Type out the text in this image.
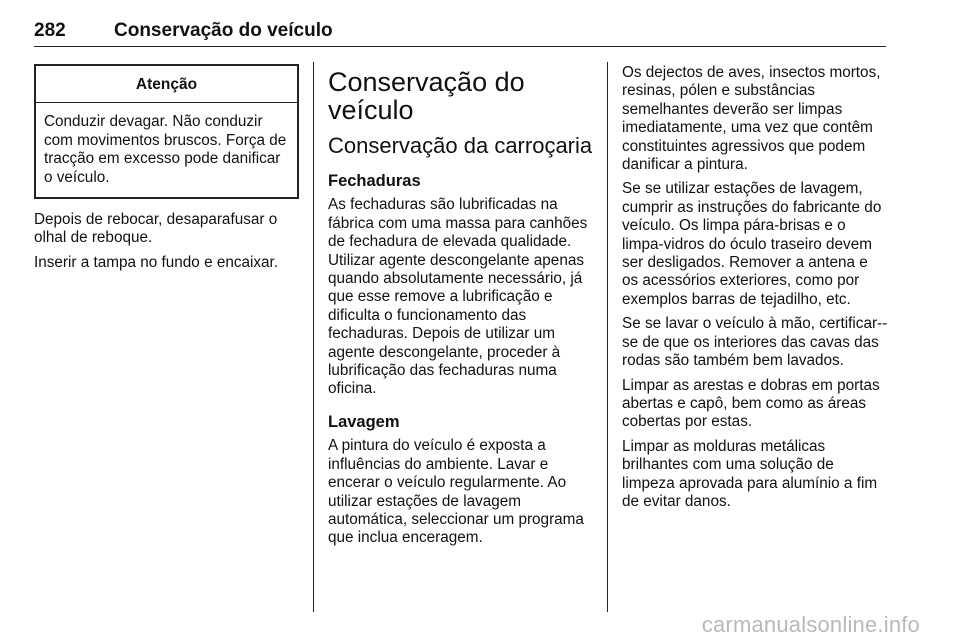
282	Conservação do veículo
Atenção
Conduzir devagar. Não conduzir com movimentos bruscos. Força de tracção em excesso pode danificar o veículo.

Depois de rebocar, desaparafusar o olhal de reboque.

Inserir a tampa no fundo e encaixar.

Conservação do veículo
Conservação da carroçaria
Fechaduras

As fechaduras são lubrificadas na fábrica com uma massa para canhões de fechadura de elevada qualidade. Utilizar agente descongelante apenas quando absolutamente necessário, já que esse remove a lubrificação e dificulta o funcionamento das fechaduras. Depois de utilizar um agente descongelante, proceder à lubrificação das fechaduras numa oficina.

Lavagem

A pintura do veículo é exposta a influências do ambiente. Lavar e encerar o veículo regularmente. Ao utilizar estações de lavagem automática, seleccionar um programa que inclua enceragem.

Os dejectos de aves, insectos mortos, resinas, pólen e substâncias semelhantes deverão ser limpas imediatamente, uma vez que contêm constituintes agressivos que podem danificar a pintura.

Se se utilizar estações de lavagem, cumprir as instruções do fabricante do veículo. Os limpa pára-brisas e o limpa-vidros do óculo traseiro devem ser desligados. Remover a antena e os acessórios exteriores, como por exemplos barras de tejadilho, etc.

Se se lavar o veículo à mão, certificar--se de que os interiores das cavas das rodas são também bem lavados.

Limpar as arestas e dobras em portas abertas e capô, bem como as áreas cobertas por estas.

Limpar as molduras metálicas brilhantes com uma solução de limpeza aprovada para alumínio a fim de evitar danos.

carmanualsonline.info
